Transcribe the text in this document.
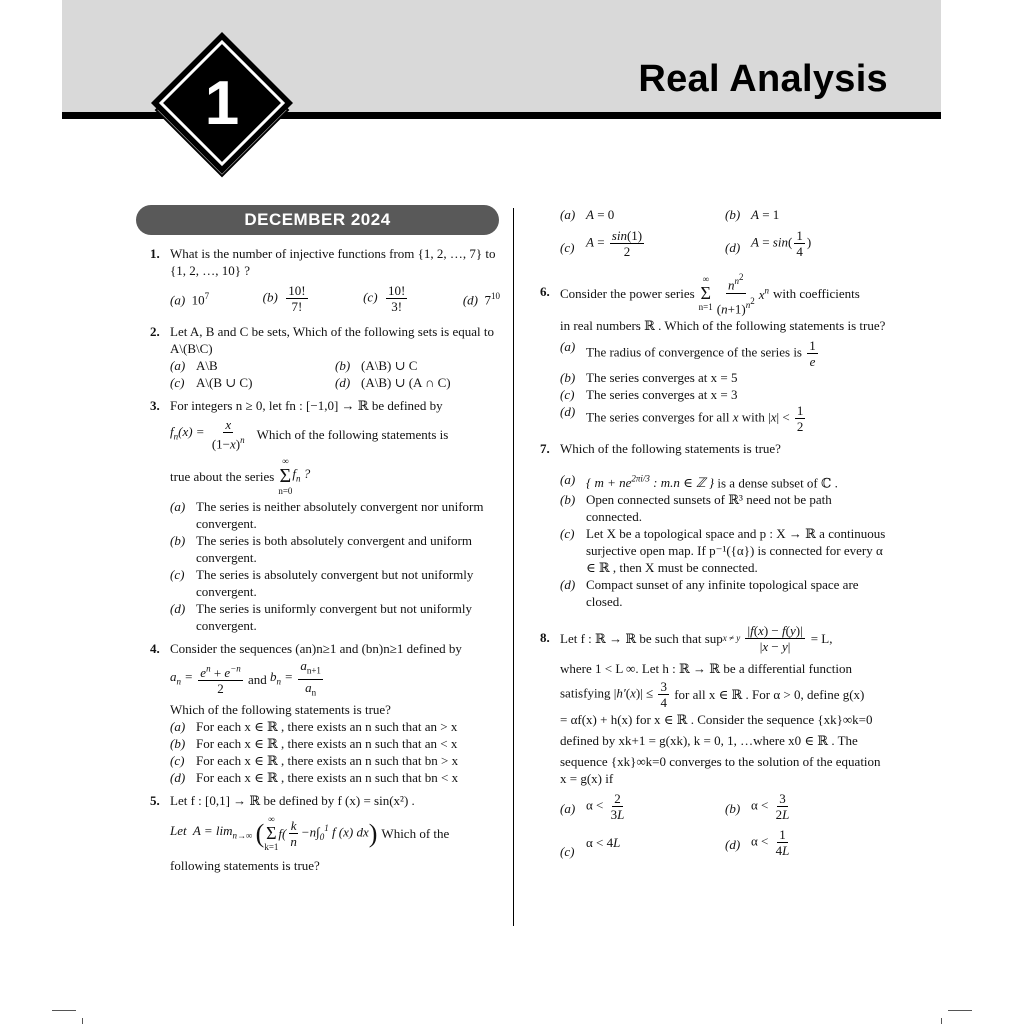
Real Analysis
1
DECEMBER 2024
1. What is the number of injective functions from {1, 2, …, 7} to {1, 2, …, 10} ?
(a)  $10^7$	$(b) \frac{10!}{7!}$	$(c) \frac{10!}{3!}$	(d)  $7^{10}$
2. Let A, B and C be sets, Which of the following sets is equal to A\(B\C)
(a) A\B	(b) (A\B) ∪ C
(c) A\(B ∪ C)	(d) (A\B) ∪ (A ∩ C)
3. For integers n ≥ 0, let fn : [−1,0] → ℝ be defined by
$f_n(x) = \frac{x}{(1-x)^n}$ Which of the following statements is
true about the series
∞
Σ
n=0
$f_n$ ?
(a) The series is neither absolutely convergent nor uniform convergent.
(b) The series is both absolutely convergent and uniform convergent.
(c) The series is absolutely convergent but not uniformly convergent.
(d) The series is uniformly convergent but not uniformly convergent.
4. Consider the sequences (an)n≥1 and (bn)n≥1 defined by
$a_n = \frac{e^n + e^{-n}}{2}$ and $b_n = \frac{a_{n+1}}{a_n}$
Which of the following statements is true?
(a) For each x ∈ ℝ , there exists an n such that an > x
(b) For each x ∈ ℝ , there exists an n such that an < x
(c) For each x ∈ ℝ , there exists an n such that bn > x
(d) For each x ∈ ℝ , there exists an n such that bn < x
5. Let f : [0,1] → ℝ be defined by f (x) = sin(x²) .
Let  $A = \lim_{n\to\infty}$ ( ∞
Σ
k=1
$f( \frac{k}{n} -n\int_0^1$ f (x) dx ) Which of the
following statements is true?
(a) A = 0	(b) A = 1
(c) $A = \frac{\sin(1)}{2}$	(d) $A = \sin( \frac{1}{4}$ )
6. Consider the power series
∞
Σ
$n=1 \frac{n^{n^2}}{(n+1)^{n^2}} x^n$ with coefficients
in real numbers ℝ . Which of the following statements is true?
(a) The radius of convergence of the series is $\frac{1}{e}$
(b) The series converges at x = 5
(c) The series converges at x = 3
(d) The series converges for all x with $|x| < \frac{1}{2}$
7. Which of the following statements is true?
(a) { $m + ne^{2\pi i/3}$ : m.n ∈ ℤ } is a dense subset of ℂ .
(b) Open connected sunsets of ℝ³ need not be path connected.
(c) Let X be a topological space and p : X → ℝ a continuous surjective open map. If p⁻¹({α}) is connected for every α ∈ ℝ , then X must be connected.
(d) Compact sunset of any infinite topological space are closed.
8. Let f : ℝ → ℝ be such that sup x ≠ y
$\frac{|f(x) - f(y)|}{|x - y|} = L$,
where 1 < L ∞. Let h : ℝ → ℝ be a differential function
satisfying $|h'(x)| \le \frac{3}{4}$
for all x ∈ ℝ . For α > 0, define g(x)
= αf(x) + h(x) for x ∈ ℝ . Consider the sequence {xk}∞k=0
defined by xk+1 = g(xk), k = 0, 1, …where x0 ∈ ℝ . The
sequence {xk}∞k=0 converges to the solution of the equation
x = g(x) if
(a) $\alpha < \frac{2}{3L}$	(b) $\alpha < \frac{3}{2L}$
(c)
α < 4L	(d) $\alpha < \frac{1}{4L}$
